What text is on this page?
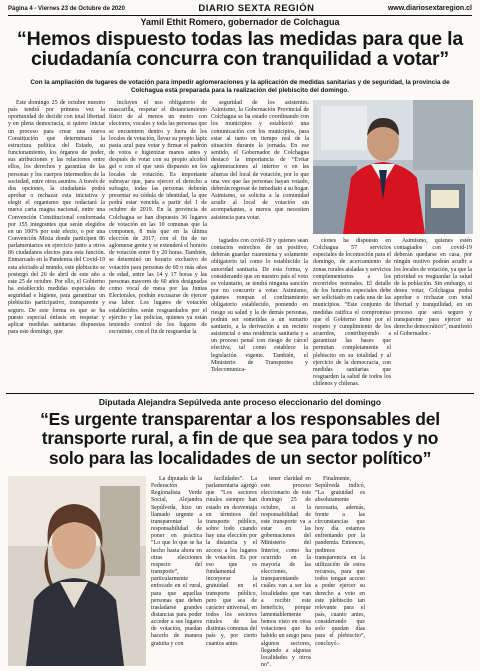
Página 4 - Viernes 23 de Octubre de 2020	DIARIO SEXTA REGIÓN	www.diariosextaregion.cl
Yamil Ethit Romero, gobernador de Colchagua
“Hemos dispuesto todas las medidas para que la ciudadanía concurra con tranquilidad a votar”
Con la ampliación de lugares de votación para impedir aglomeraciones y la aplicación de medidas sanitarias y de seguridad, la provincia de Colchagua está preparada para la realización del plebiscito del domingo.

Este domingo 25 de octubre nuestro país tendrá por primera vez la oportunidad de decidir con total libertad y en plena democracia, si quiere iniciar un proceso para crear una nueva Constitución que determinará la estructura política del Estado, su funcionamiento, los órganos de poder, sus atribuciones y las relaciones entre ellos, los derechos y garantías de las personas y los cuerpos intermedios de la sociedad, entre otros asuntos. A través de dos opciones, la ciudadanía podrá aprobar o rechazar esta iniciativa y elegir el organismo que redactará la nueva carta magna nacional, entre una Convención Constitucional conformada por 155 integrantes que serán elegidos en un 100% por este efecto, o por una Convención Mixta donde participen 86 parlamentarios en ejercicio junto a otros 86 ciudadanos electos para esta función. Enmarcado en la Pandemia del Covid-19 esta afectado al mundo, este plebiscito se postergó del 26 de abril de este año a este 25 de octubre. Por ello, el Gobierno ha establecido medidas especiales de seguridad e higiene, para garantizar un plebiscito participativo, transparente y seguro. De este forma es que se ha puesto especial énfasis en respetar y aplicar medidas sanitarias dispuestas para este domingo, que

incluyen el uso obligatorio de mascarilla, respetar el distanciamiento físico de al menos un metro con electores, vocales y toda las personas que se encuentren dentro y fuera de los locales de votación, llevar su propio lápiz pasta azul para votar y firmar el padrón de votos e higienizar manos antes y después de votar con su propio alcohol gel o con el que será dispuesto en los locales de votación. Es importante subrayar que, para ejercer el derecho a sufragio, todas las personas deberán presentar su cédula de identidad, la que podrá estar vencida a partir del 1 de octubre de 2019. En la provincia de Colchagua se han dispuesto 36 lugares de votación en las 10 comunas que la componen, 8 más que en la última elección de 2017, con el fin de no aglomerar gente y se extenderá el horario de votación entre 8 y 20 horas. También, se determinó un horario exclusivo de votación para personas de 60 o más años de edad, entre las 14 y 17 horas y las personas mayores de 60 años designadas como vocal de mesa por las Juntas Electorales, podrán excusarse de ejercer esa labor. Los lugares de votación establecidos serán resguardados por el ejército y las policías, quienes ya están teniendo control de los lugares de escrutinio, con el fin de resguardar la

seguridad de los asistentes. Asimismo, la Gobernación Provincial de Colchagua se ha estado coordinando con los municipios y estableció una comunicación con los municipios, para estar al tanto en tiempo real de la situación durante la jornada. En ese sentido, el Gobernador de Colchagua destacó la importancia de “Evitar aglomeraciones al interior o en las afueras del local de votación, por lo que una vez que las personas hayan votado, deberán regresar de inmediato a su hogar. Asimismo, se solicita a la comunidad acudir al local de votación sin acompañantes, a menos que necesiten asistencia para votar.

tagiados con covid-19 y quienes sean contactos estrechos de un positivo, deberán guardar cuarentena y solamente obligatorio tal como lo establecido la autoridad sanitaria. De esta forma, y considerando que en nuestro país el voto es voluntario, se tendrá ninguna sanción por no concurrir a votar. Asimismo, quienes rompan el confinamiento obligatorio establecido, poniendo en riesgo su salud y la de demás personas, podrán ser sometidas a un sumario sanitario, a la derivación a un recinto asistencial o una residencia sanitaria y a un proceso penal con riesgo de cárcel efectiva, tal como establece la legislación vigente. También, el Ministerio de Transportes y Telecomunica-

ciones ha dispuesto en Colchagua 57 servicios especiales de locomoción para el domingo, de acercamiento de zonas rurales aisladas y servicios complementarios a los recorridos normales. El detalle de los horarios especiales debe ser solicitado en cada una de las municipios. “Este conjunto de medidas ratifica el compromiso que el Gobierno tiene por el respeto y cumplimiento de los acuerdos, contribuyendo a garantizar las bases que permitan completamente el plebiscito en su totalidad y al ejercicio de la democracia, con medidas sanitarias que resguarden la salud de todos los chilenos y chilenas.

Asimismo, quienes estén contagiados con covid-19 deberán quedarse en casa, por ningún motivo podrán acudir a los locales de votación, ya que la prioridad es resguardar la salud de la población. Sin embargo, si desea votar, Colchagua podrá aprobar o rechazar con total libertad y tranquilidad, en un proceso que será seguro y transparente para ejercer su derecho democrático”, manifestó el Gobernador.-

Diputada Alejandra Sepúlveda ante proceso eleccionario del domingo
“Es urgente transparentar a los responsables del transporte rural, a fin de que sea para todos y no solo para las localidades de un sector político”

La diputada de la Federación Regionalista Verde Social, Alejandra Sepúlveda, hizo un llamado urgente a transparentar la responsabilidad de poner en práctica “Lo que lo que se ha hecho hasta ahora en otras elecciones respecto del transporte”, particularmente enfocado en el rural, para que aquellas personas que deben trasladarse grandes distancias para poder acceder a sus lugares de votación, puedan hacerlo de manera gratuita y con

facilidades”. La parlamentaria agregó que “Los sectores rurales siempre han estado en desventaja en términos del transporte público, sobre todo cuando hay una elección por la distancia y el acceso a los lugares de votación. Es por eso que es fundamental incorporar la gratuidad en el transporte público, pero que sea de carácter universal, en todos los sectores rurales de las distintas comunas del país y, por cierto cuantos antes

tener claridad en este proceso eleccionario de este domingo 25 de octubre, si la responsabilidad de este transporte va a estar en las gobernaciones del Ministerio del Interior, como ha ocurrido en la mayoría de las elecciones, transparentando cuáles van a ser las localidades que van a recibir este beneficio, porque lamentablemente hemos visto en otras votaciones que ha habido un sesgo para algunos sectores, llegando a algunas localidades y otros no”.

Finalmente, Sepúlveda indicó, “La gratuidad es absolutamente necesaria, además, frente a las circunstancias que hoy día estamos enfrentando por la pandemia. Entonces, pedimos transparencia en la utilización de estos recursos, para que todos tengan acceso a poder ejercer su derecho a voto en este plebiscito tan relevante para el país, cuanto antes, considerando que solo quedan días para el plebiscito”, concluyó.-
